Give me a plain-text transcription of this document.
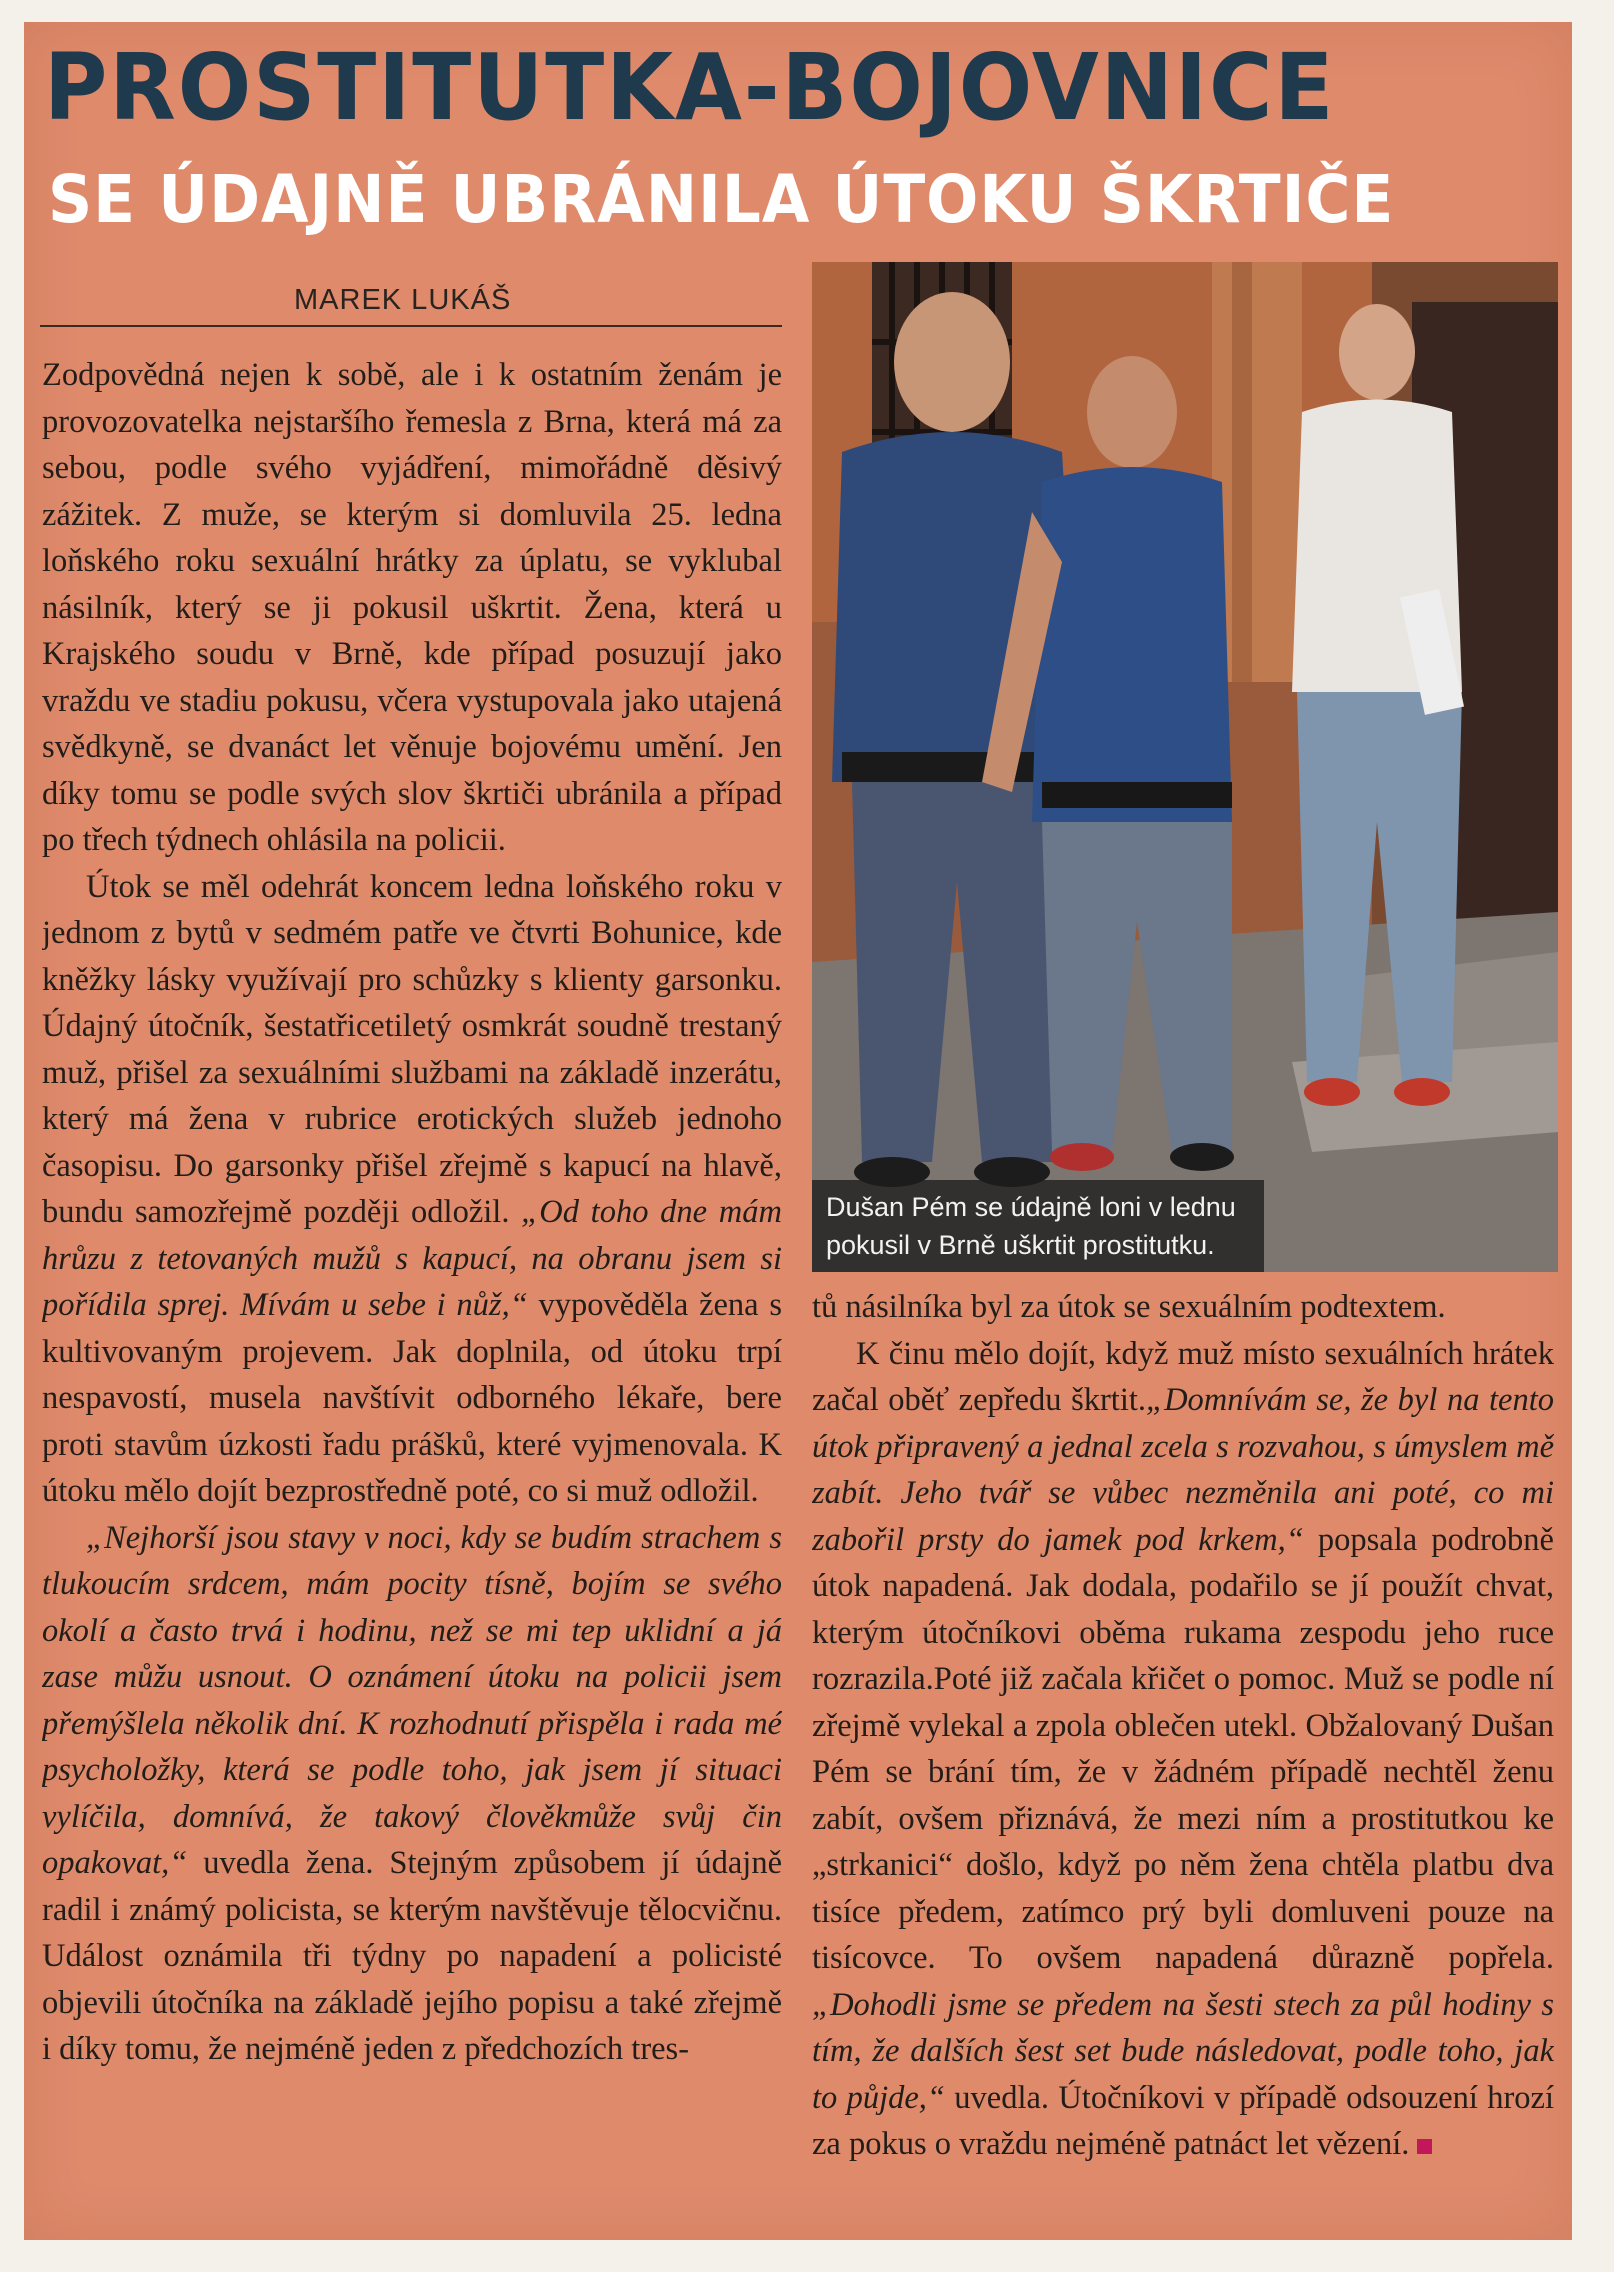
PROSTITUTKA-BOJOVNICE
SE ÚDAJNĚ UBRÁNILA ÚTOKU ŠKRTIČE
MAREK LUKÁŠ

Zodpovědná nejen k sobě, ale i k ostatním ženám je provozovatelka nejstaršího řemesla z Brna, která má za sebou, podle svého vyjádření, mimořádně děsivý zážitek. Z muže, se kterým si domluvila 25. ledna loňského roku sexuální hrátky za úplatu, se vyklubal násilník, který se ji pokusil uškrtit. Žena, která u Krajského soudu v Brně, kde případ posuzují jako vraždu ve stadiu pokusu, včera vystupovala jako utajená svědkyně, se dvanáct let věnuje bojovému umění. Jen díky tomu se podle svých slov škrtiči ubránila a případ po třech týdnech ohlásila na policii.

Útok se měl odehrát koncem ledna loňského roku v jednom z bytů v sedmém patře ve čtvrti Bohunice, kde kněžky lásky využívají pro schůzky s klienty garsonku. Údajný útočník, šestatřicetiletý osmkrát soudně trestaný muž, přišel za sexuálními službami na základě inzerátu, který má žena v rubrice erotických služeb jednoho časopisu. Do garsonky přišel zřejmě s kapucí na hlavě, bundu samozřejmě později odložil. „Od toho dne mám hrůzu z tetovaných mužů s kapucí, na obranu jsem si pořídila sprej. Mívám u sebe i nůž,“ vypověděla žena s kultivovaným projevem. Jak doplnila, od útoku trpí nespavostí, musela navštívit odborného lékaře, bere proti stavům úzkosti řadu prášků, které vyjmenovala. K útoku mělo dojít bezprostředně poté, co si muž odložil.

„Nejhorší jsou stavy v noci, kdy se budím strachem s tlukoucím srdcem, mám pocity tísně, bojím se svého okolí a často trvá i hodinu, než se mi tep uklidní a já zase můžu usnout. O oznámení útoku na policii jsem přemýšlela několik dní. K rozhodnutí přispěla i rada mé psycholožky, která se podle toho, jak jsem jí situaci vylíčila, domnívá, že takový člověkmůže svůj čin opakovat,“ uvedla žena. Stejným způsobem jí údajně radil i známý policista, se kterým navštěvuje tělocvičnu. Událost oznámila tři týdny po napadení a policisté objevili útočníka na základě jejího popisu a také zřejmě i díky tomu, že nejméně jeden z předchozích tres-

Dušan Pém se údajně loni v lednu
pokusil v Brně uškrtit prostitutku.

tů násilníka byl za útok se sexuálním podtextem.

K činu mělo dojít, když muž místo sexuálních hrátek začal oběť zepředu škrtit.„Domnívám se, že byl na tento útok připravený a jednal zcela s rozvahou, s úmyslem mě zabít. Jeho tvář se vůbec nezměnila ani poté, co mi zabořil prsty do jamek pod krkem,“ popsala podrobně útok napadená. Jak dodala, podařilo se jí použít chvat, kterým útočníkovi oběma rukama zespodu jeho ruce rozrazila.Poté již začala křičet o pomoc. Muž se podle ní zřejmě vylekal a zpola oblečen utekl. Obžalovaný Dušan Pém se brání tím, že v žádném případě nechtěl ženu zabít, ovšem přiznává, že mezi ním a prostitutkou ke „strkanici“ došlo, když po něm žena chtěla platbu dva tisíce předem, zatímco prý byli domluveni pouze na tisícovce. To ovšem napadená důrazně popřela. „Dohodli jsme se předem na šesti stech za půl hodiny s tím, že dalších šest set bude následovat, podle toho, jak to půjde,“ uvedla. Útočníkovi v případě odsouzení hrozí za pokus o vraždu nejméně patnáct let vězení.
